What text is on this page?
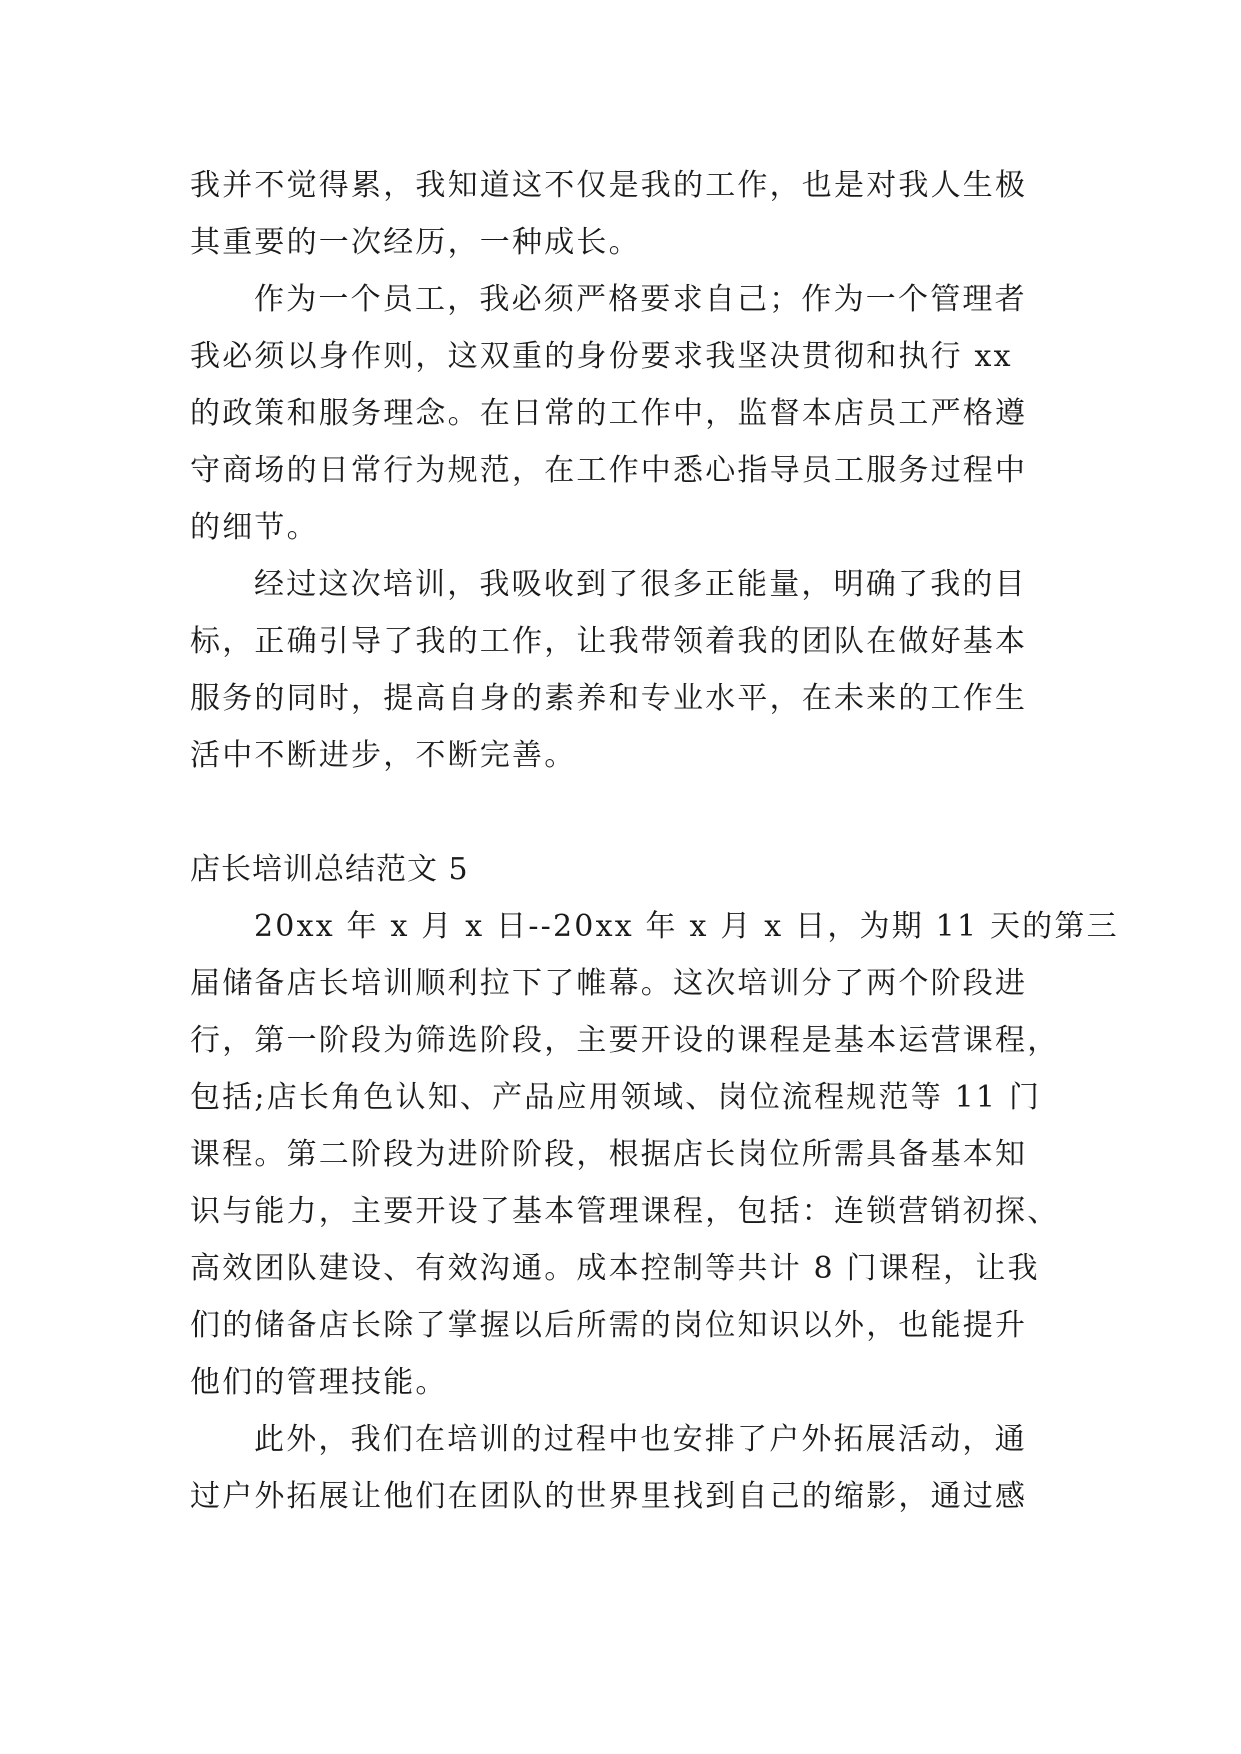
我并不觉得累，我知道这不仅是我的工作，也是对我人生极
其重要的一次经历，一种成长。
作为一个员工，我必须严格要求自己；作为一个管理者
我必须以身作则，这双重的身份要求我坚决贯彻和执行 xx
的政策和服务理念。在日常的工作中，监督本店员工严格遵
守商场的日常行为规范，在工作中悉心指导员工服务过程中
的细节。
经过这次培训，我吸收到了很多正能量，明确了我的目
标，正确引导了我的工作，让我带领着我的团队在做好基本
服务的同时，提高自身的素养和专业水平，在未来的工作生
活中不断进步，不断完善。
店长培训总结范文 5
20xx 年 x 月 x 日--20xx 年 x 月 x 日，为期 11 天的第三
届储备店长培训顺利拉下了帷幕。这次培训分了两个阶段进
行，第一阶段为筛选阶段，主要开设的课程是基本运营课程，
包括;店长角色认知、产品应用领域、岗位流程规范等 11 门
课程。第二阶段为进阶阶段，根据店长岗位所需具备基本知
识与能力，主要开设了基本管理课程，包括：连锁营销初探、
高效团队建设、有效沟通。成本控制等共计 8 门课程，让我
们的储备店长除了掌握以后所需的岗位知识以外，也能提升
他们的管理技能。
此外，我们在培训的过程中也安排了户外拓展活动，通
过户外拓展让他们在团队的世界里找到自己的缩影，通过感
